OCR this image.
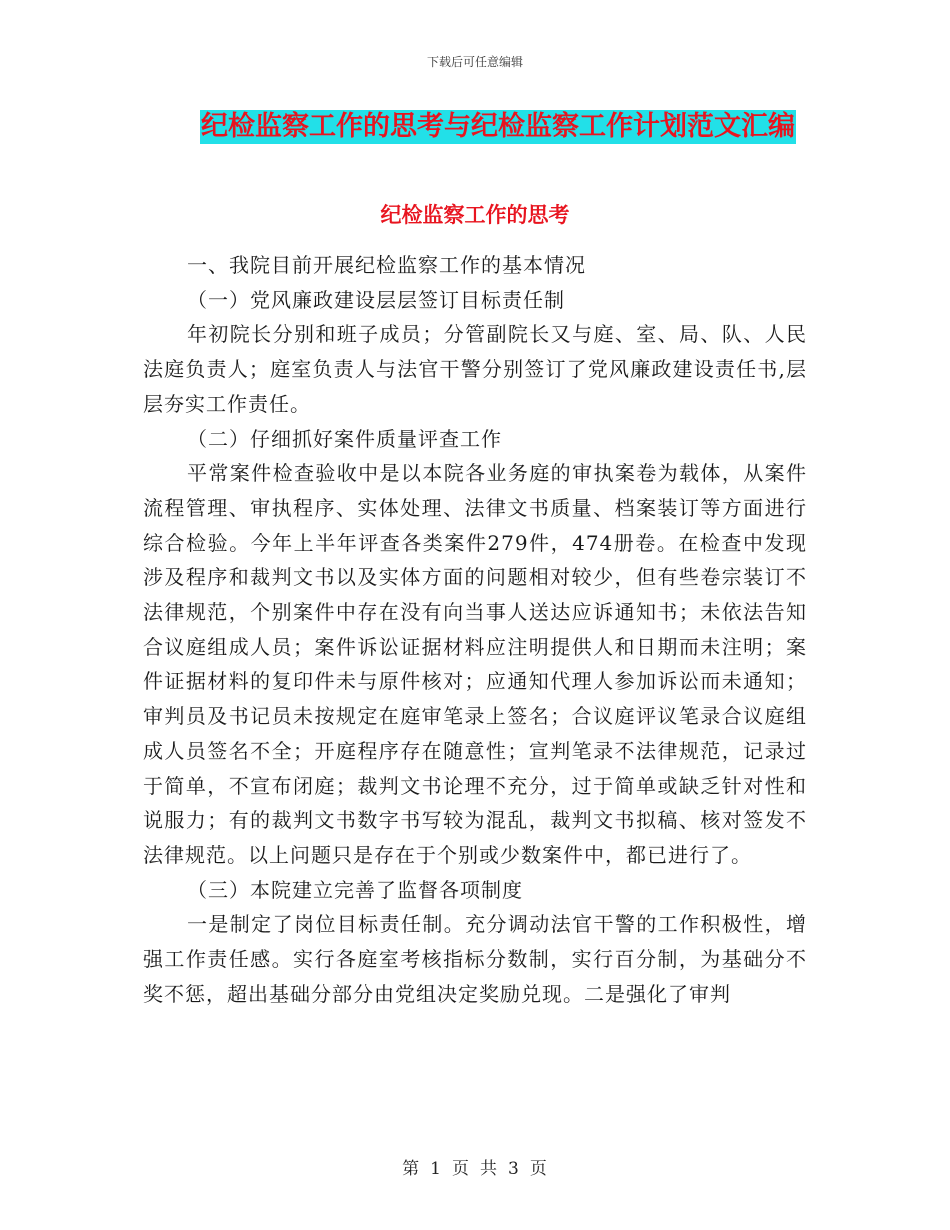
下载后可任意编辑
纪检监察工作的思考与纪检监察工作计划范文汇编
纪检监察工作的思考

一、我院目前开展纪检监察工作的基本情况

（一）党风廉政建设层层签订目标责任制

年初院长分别和班子成员；分管副院长又与庭、室、局、队、人民法庭负责人；庭室负责人与法官干警分别签订了党风廉政建设责任书,层层夯实工作责任。

（二）仔细抓好案件质量评查工作

平常案件检查验收中是以本院各业务庭的审执案卷为载体，从案件流程管理、审执程序、实体处理、法律文书质量、档案装订等方面进行综合检验。今年上半年评查各类案件279件，474册卷。在检查中发现涉及程序和裁判文书以及实体方面的问题相对较少，但有些卷宗装订不法律规范，个别案件中存在没有向当事人送达应诉通知书；未依法告知合议庭组成人员；案件诉讼证据材料应注明提供人和日期而未注明；案件证据材料的复印件未与原件核对；应通知代理人参加诉讼而未通知；审判员及书记员未按规定在庭审笔录上签名；合议庭评议笔录合议庭组成人员签名不全；开庭程序存在随意性；宣判笔录不法律规范，记录过于简单，不宣布闭庭；裁判文书论理不充分，过于简单或缺乏针对性和说服力；有的裁判文书数字书写较为混乱，裁判文书拟稿、核对签发不法律规范。以上问题只是存在于个别或少数案件中，都已进行了。

（三）本院建立完善了监督各项制度

一是制定了岗位目标责任制。充分调动法官干警的工作积极性，增强工作责任感。实行各庭室考核指标分数制，实行百分制，为基础分不奖不惩，超出基础分部分由党组决定奖励兑现。二是强化了审判

第 1 页 共 3 页
